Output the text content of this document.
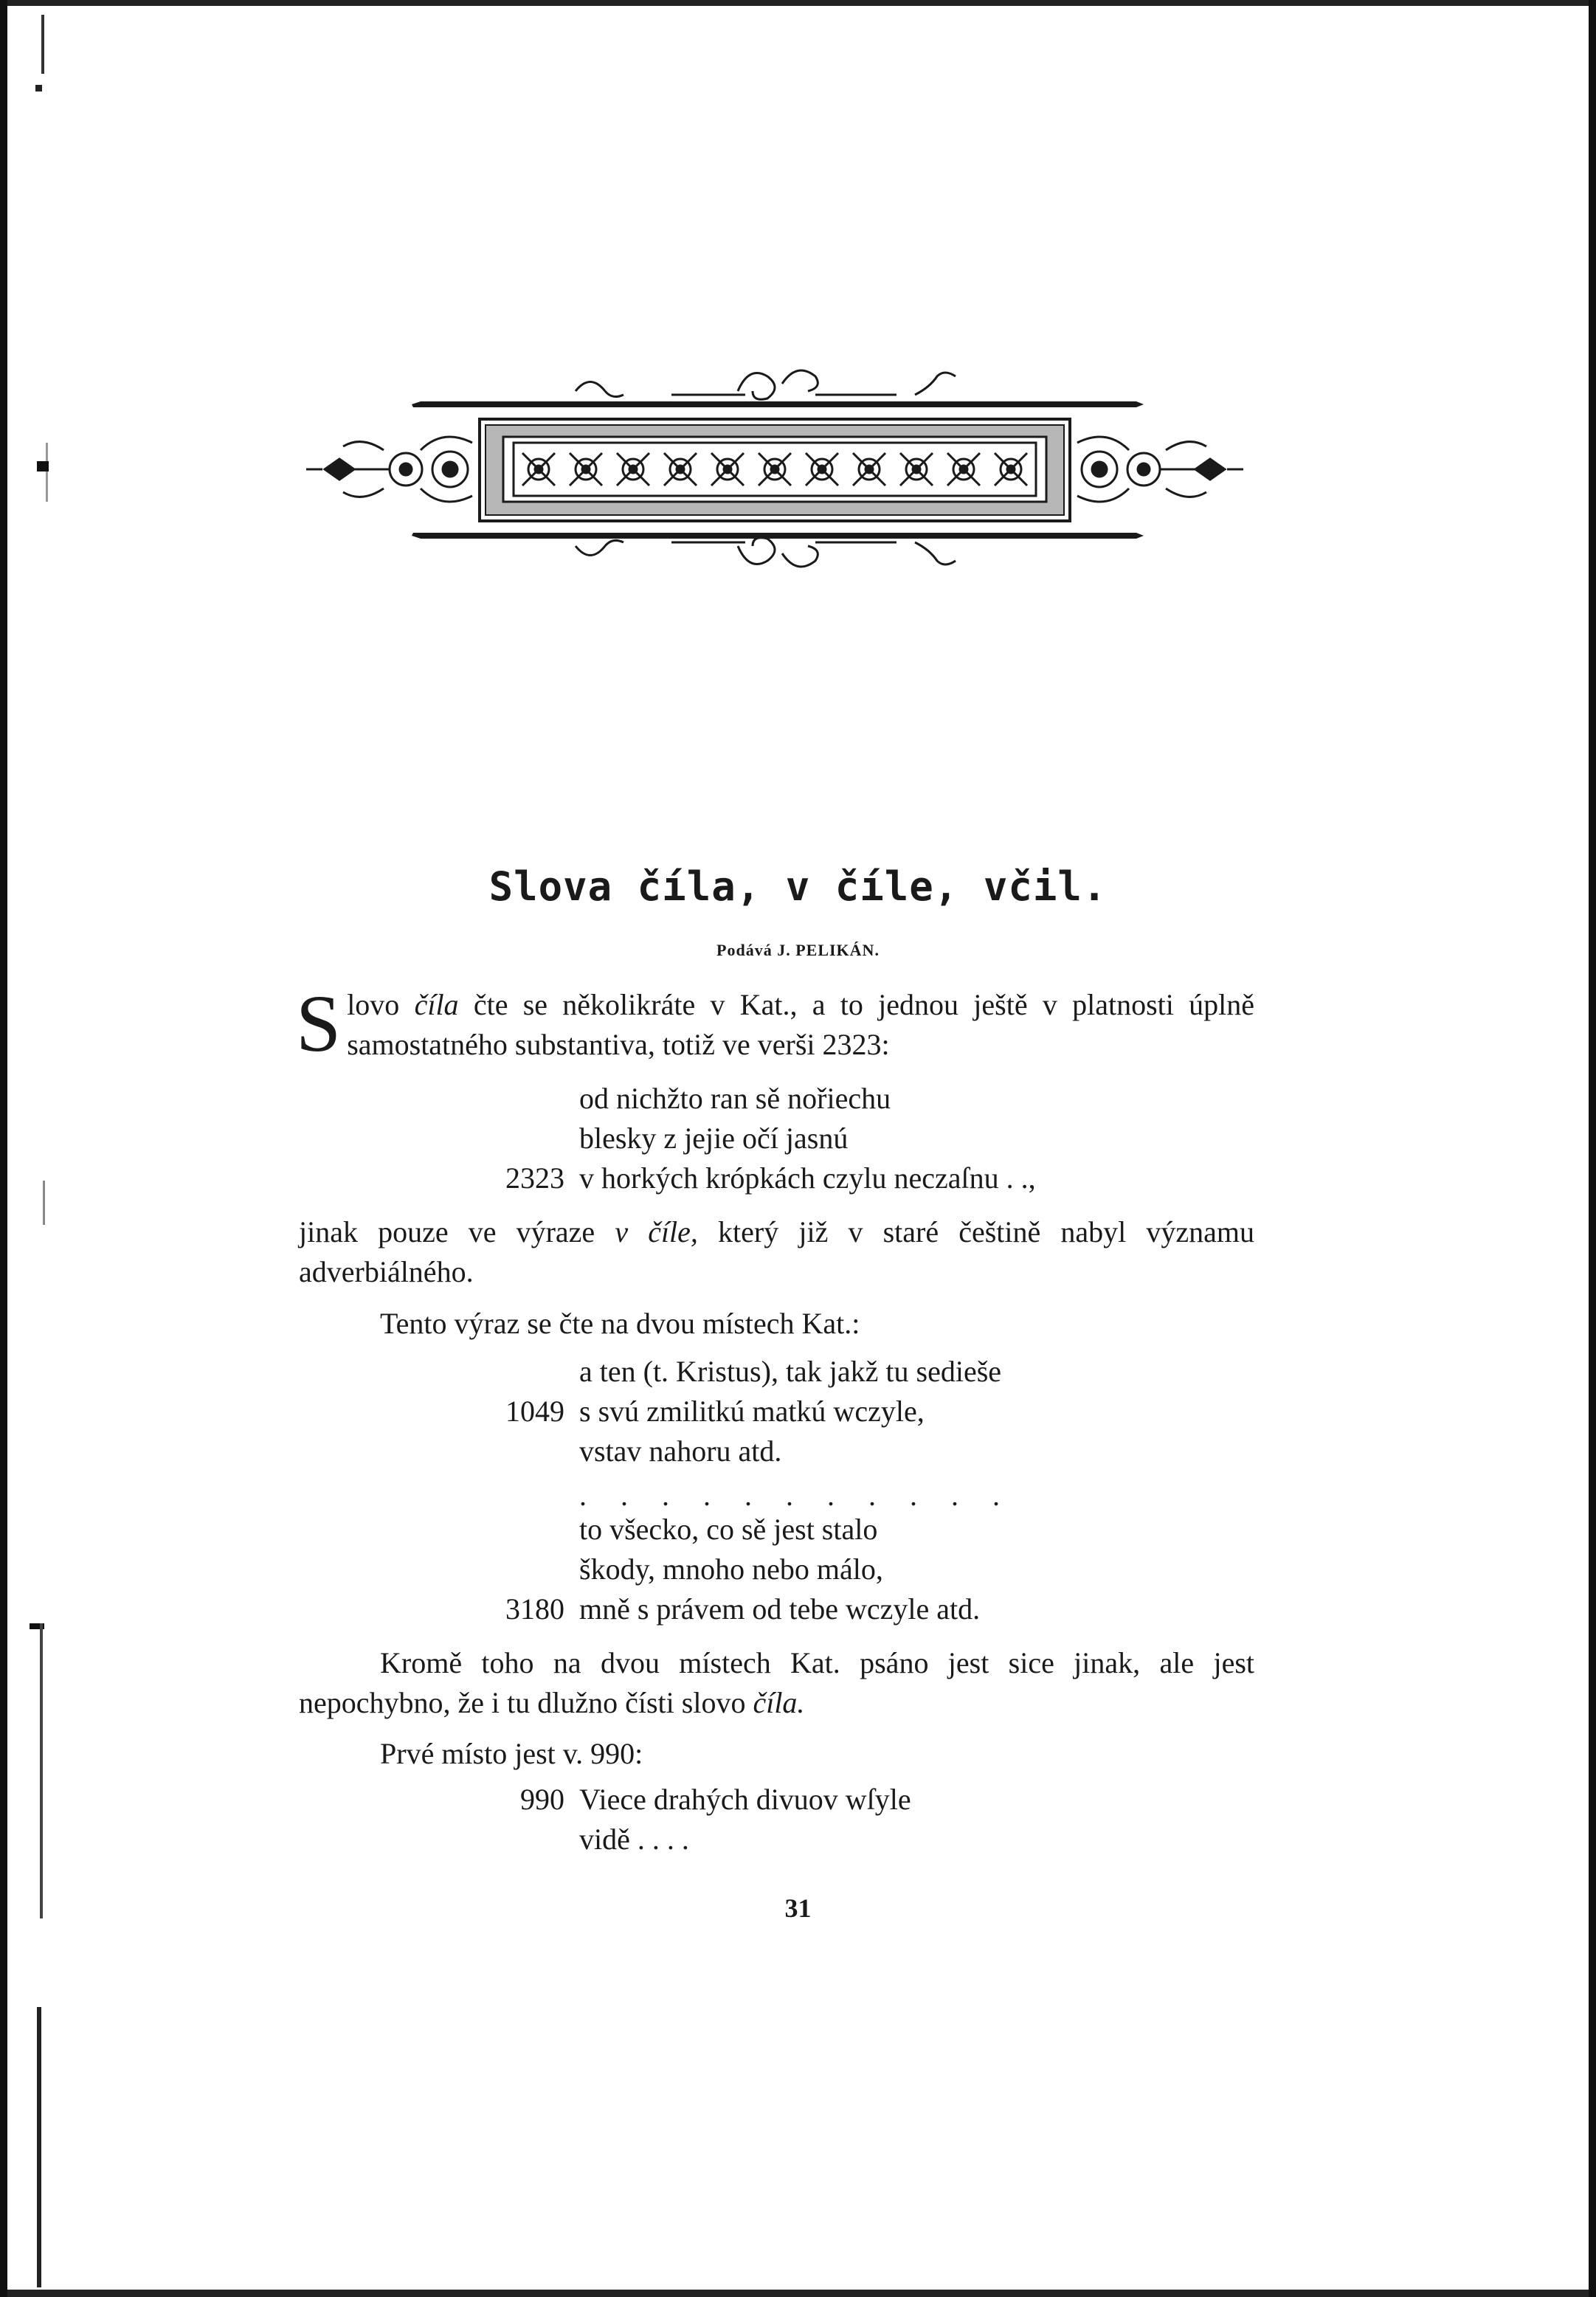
Slova číla, v číle, včil.
Podává J. PELIKÁN.
Slovo číla čte se několikráte v Kat., a to jednou ještě v platnosti úplně samostatného substantiva, totiž ve verši 2323:
od nichžto ran sě nořiechu
blesky z jejie očí jasnú
2323 v horkých krópkách czylu neczaſnu . .,
jinak pouze ve výraze v číle, který již v staré češtině nabyl významu adverbiálného.
Tento výraz se čte na dvou místech Kat.:
a ten (t. Kristus), tak jakž tu sedieše
1049 s svú zmilitkú matkú wczyle,
vstav nahoru atd.
. . . . . . . . . . .
to všecko, co sě jest stalo
škody, mnoho nebo málo,
3180 mně s právem od tebe wczyle atd.
Kromě toho na dvou místech Kat. psáno jest sice jinak, ale jest nepochybno, že i tu dlužno čísti slovo číla.
Prvé místo jest v. 990:
990 Viece drahých divuov wſyle
vidě . . . .
31
